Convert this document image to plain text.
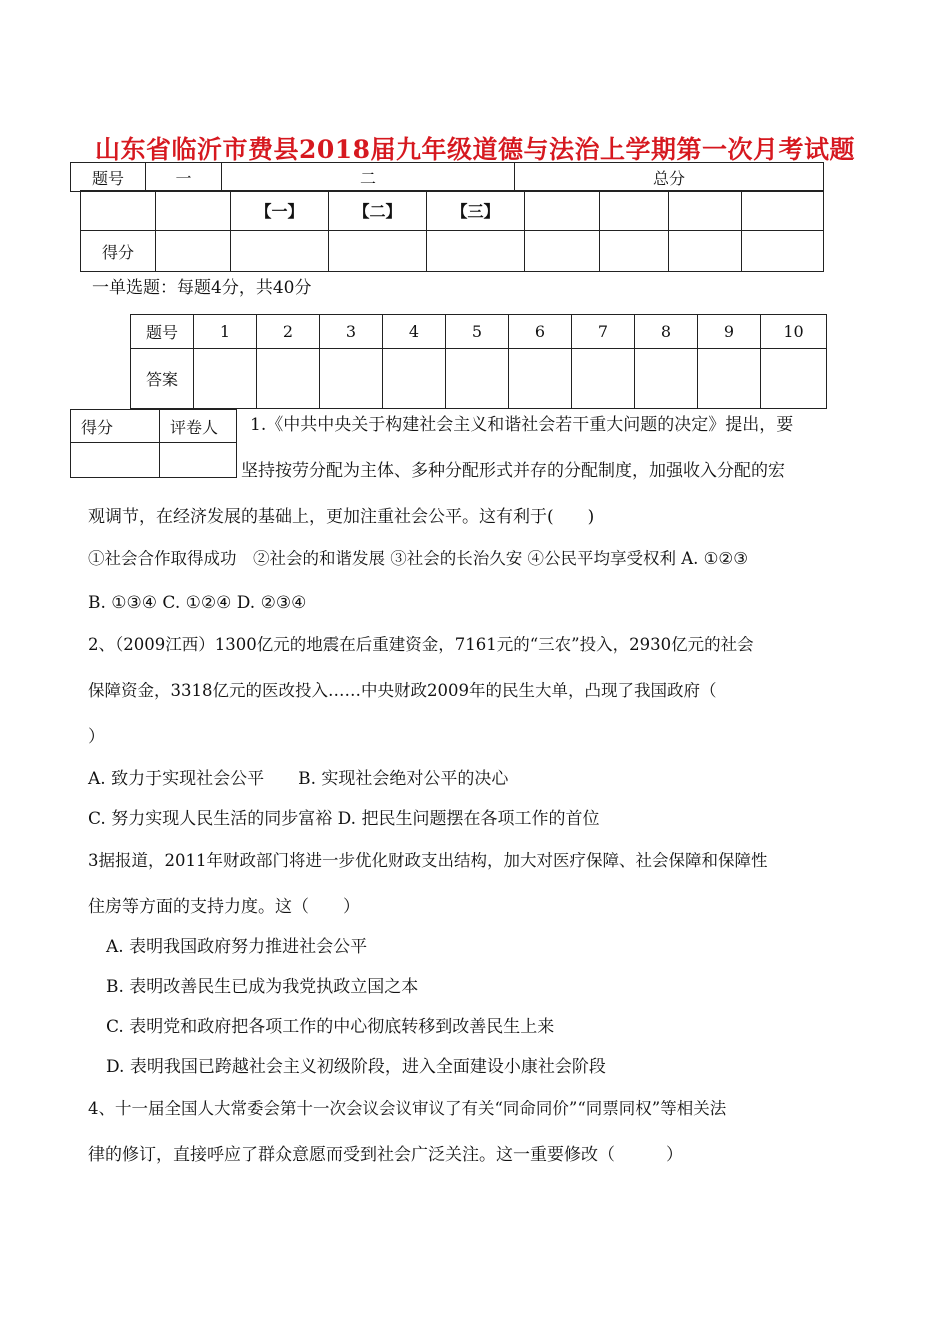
山东省临沂市费县2018届九年级道德与法治上学期第一次月考试题
题号	一	二	总分
		【一】	【二】	【三】				
得分								
一单选题：每题4分，共40分
题号	1	2	3	4	5	6	7	8	9	10
答案										
得分	评卷人
	1.《中共中央关于构建社会主义和谐社会若干重大问题的决定》提出，要
坚持按劳分配为主体、多种分配形式并存的分配制度，加强收入分配的宏
观调节，在经济发展的基础上，更加注重社会公平。这有利于(　　)
①社会合作取得成功　②社会的和谐发展 ③社会的长治久安 ④公民平均享受权利 A. ①②③
B. ①③④ C. ①②④ D. ②③④
2、（2009江西）1300亿元的地震在后重建资金，7161元的“三农”投入，2930亿元的社会
保障资金，3318亿元的医改投入……中央财政2009年的民生大单，凸现了我国政府（
）
A. 致力于实现社会公平　　B. 实现社会绝对公平的决心
C. 努力实现人民生活的同步富裕 D. 把民生问题摆在各项工作的首位
3据报道，2011年财政部门将进一步优化财政支出结构，加大对医疗保障、社会保障和保障性
住房等方面的支持力度。这（　　）
A. 表明我国政府努力推进社会公平
B. 表明改善民生已成为我党执政立国之本
C. 表明党和政府把各项工作的中心彻底转移到改善民生上来
D. 表明我国已跨越社会主义初级阶段，进入全面建设小康社会阶段
4、十一届全国人大常委会第十一次会议会议审议了有关“同命同价”“同票同权”等相关法
律的修订，直接呼应了群众意愿而受到社会广泛关注。这一重要修改（　　　）
